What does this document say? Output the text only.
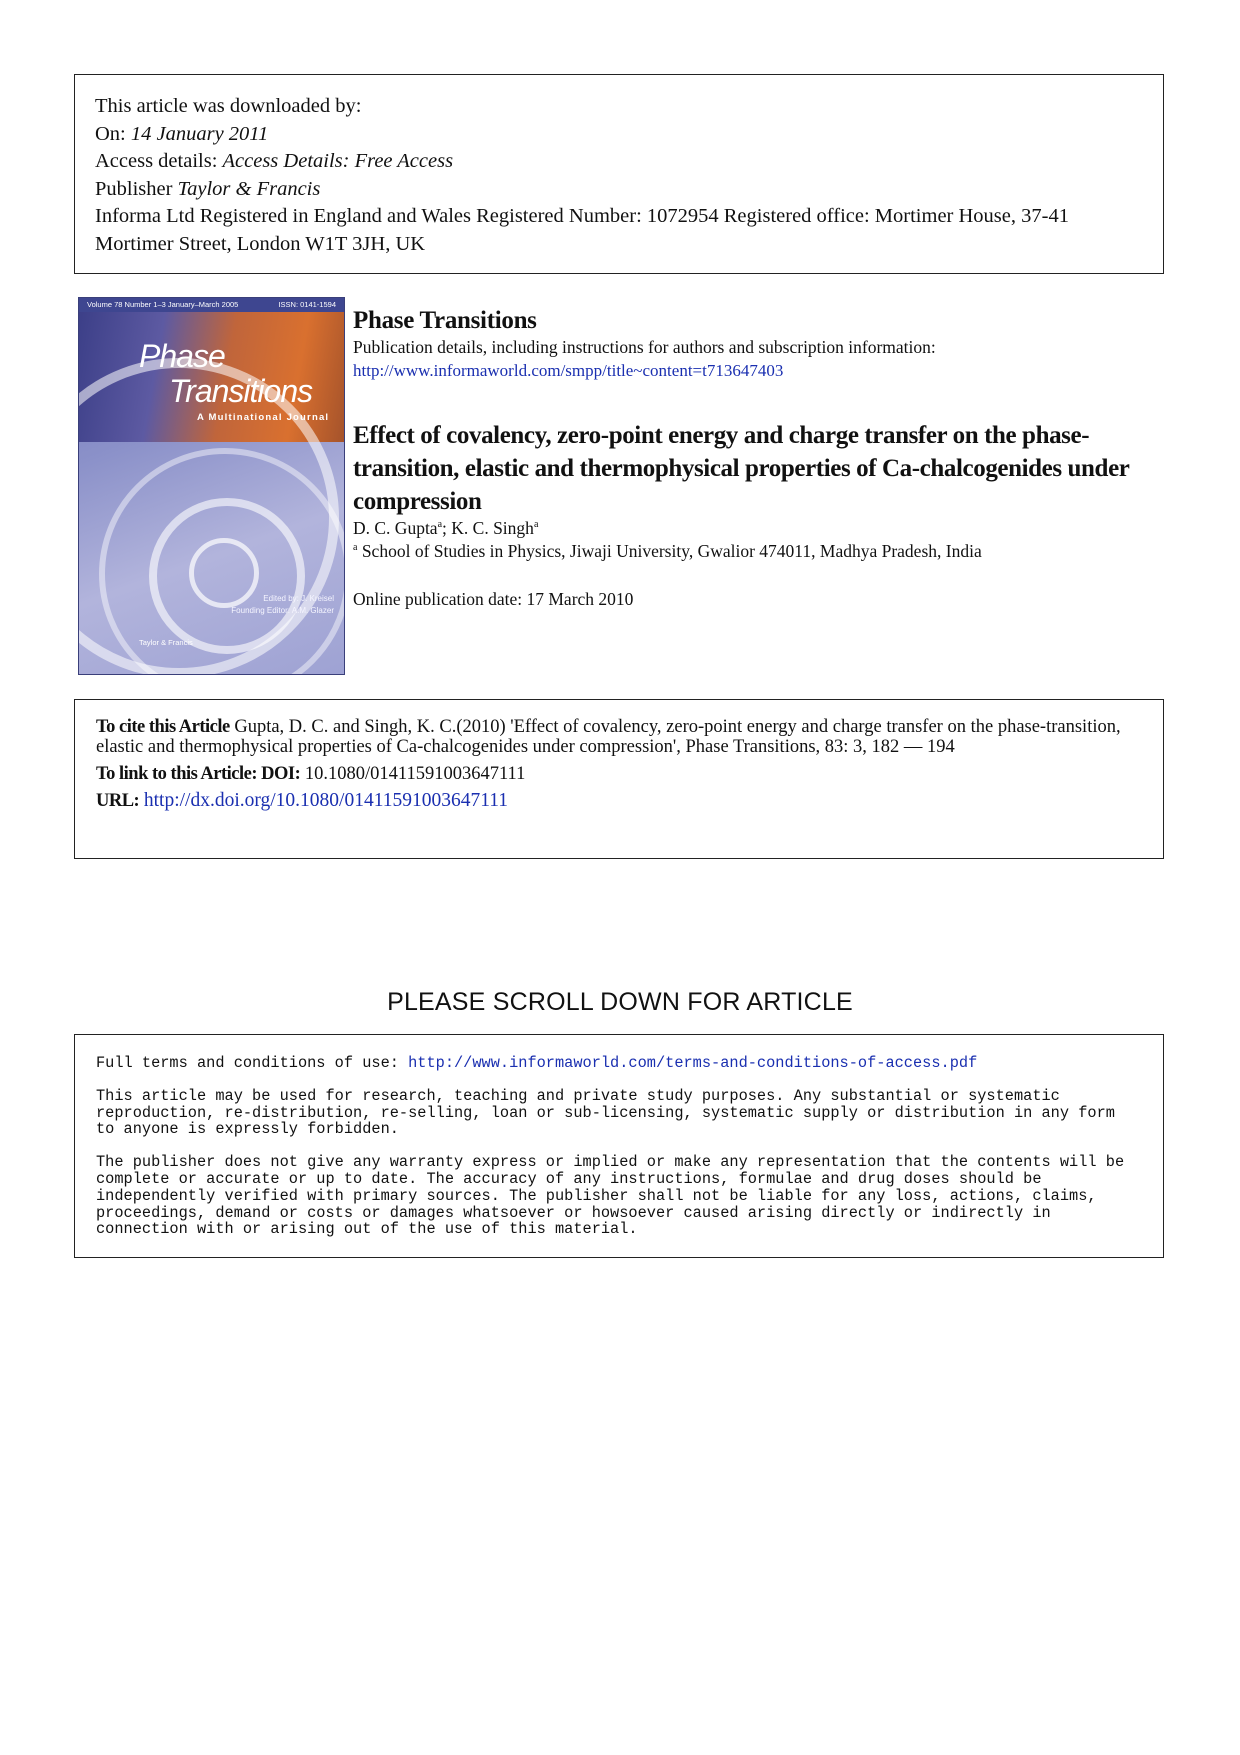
This article was downloaded by:
On: 14 January 2011
Access details: Access Details: Free Access
Publisher Taylor & Francis
Informa Ltd Registered in England and Wales Registered Number: 1072954 Registered office: Mortimer House, 37-41 Mortimer Street, London W1T 3JH, UK
Volume 78 Number 1–3 January–March 2005	ISSN: 0141-1594
Phase
Transitions
A Multinational Journal
Edited by: J. Kreisel
Founding Editor: A.M. Glazer
Taylor & Francis
Phase Transitions
Publication details, including instructions for authors and subscription information:
http://www.informaworld.com/smpp/title~content=t713647403
Effect of covalency, zero-point energy and charge transfer on the phase-transition, elastic and thermophysical properties of Ca-chalcogenides under compression
D. C. Gupta$^a$; K. C. Singh$^a$
$^a$ School of Studies in Physics, Jiwaji University, Gwalior 474011, Madhya Pradesh, India
Online publication date: 17 March 2010
To cite this Article Gupta, D. C. and Singh, K. C.(2010) 'Effect of covalency, zero-point energy and charge transfer on the phase-transition, elastic and thermophysical properties of Ca-chalcogenides under compression', Phase Transitions, 83: 3, 182 — 194
To link to this Article: DOI: 10.1080/01411591003647111
URL: http://dx.doi.org/10.1080/01411591003647111
PLEASE SCROLL DOWN FOR ARTICLE

Full terms and conditions of use: http://www.informaworld.com/terms-and-conditions-of-access.pdf

This article may be used for research, teaching and private study purposes. Any substantial or systematic reproduction, re-distribution, re-selling, loan or sub-licensing, systematic supply or distribution in any form to anyone is expressly forbidden.

The publisher does not give any warranty express or implied or make any representation that the contents will be complete or accurate or up to date. The accuracy of any instructions, formulae and drug doses should be independently verified with primary sources. The publisher shall not be liable for any loss, actions, claims, proceedings, demand or costs or damages whatsoever or howsoever caused arising directly or indirectly in connection with or arising out of the use of this material.
